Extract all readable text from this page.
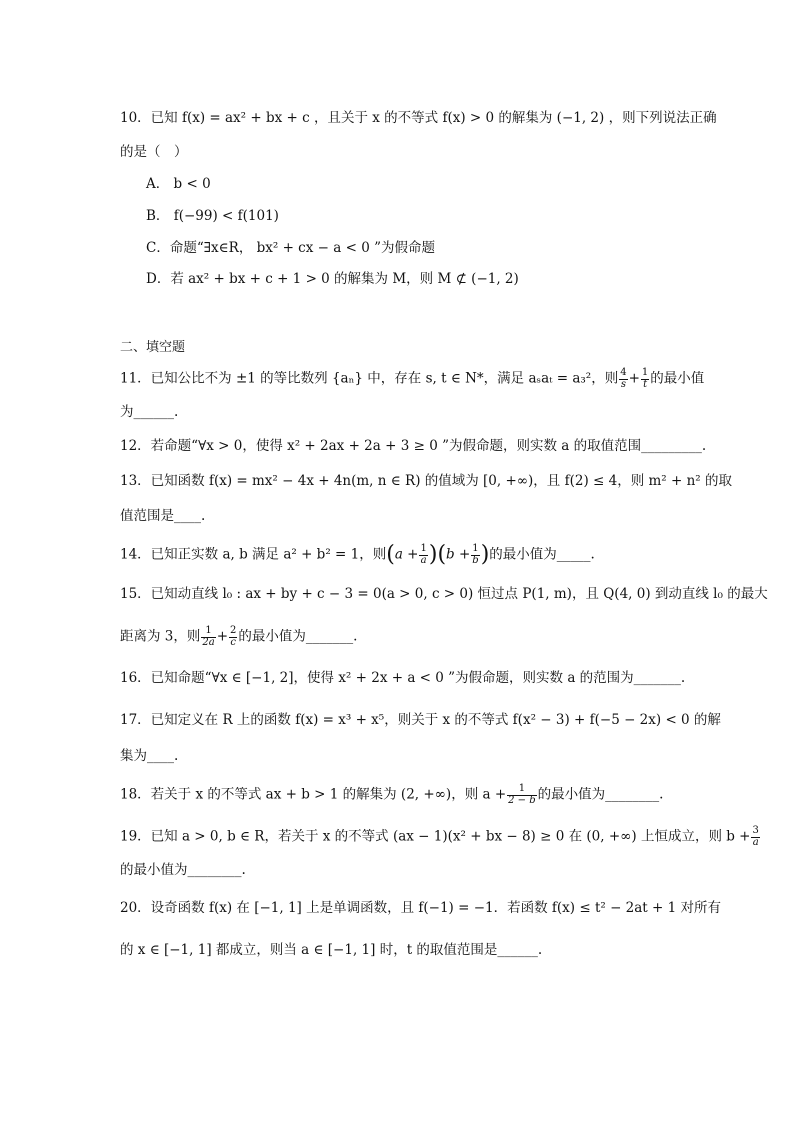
10．已知 f(x) = ax² + bx + c ，且关于 x 的不等式 f(x) > 0 的解集为 (−1, 2) ，则下列说法正确
的是（　）
A． b < 0
B． f(−99) < f(101)
C．命题“∃x∈R， bx² + cx − a < 0 ”为假命题
D．若 ax² + bx + c + 1 > 0 的解集为 M，则 M ⊄ (−1, 2)
二、填空题
11．已知公比不为 ±1 的等比数列 {aₙ} 中，存在 s, t ∈ N*，满足 aₛaₜ = a₃²，则 $\frac{4}{s} + \frac{1}{t}$ 的最小值
为______.
12．若命题“∀x > 0，使得 x² + 2ax + 2a + 3 ≥ 0 ”为假命题，则实数 a 的取值范围_________.
13．已知函数 f(x) = mx² − 4x + 4n(m, n ∈ R) 的值域为 [0, +∞)，且 f(2) ≤ 4，则 m² + n² 的取
值范围是____.
14．已知正实数 a, b 满足 a² + b² = 1，则$(a + \frac{1}{a} )(b + \frac{1}{b}$ )的最小值为_____.
15．已知动直线 l₀ : ax + by + c − 3 = 0(a > 0, c > 0) 恒过点 P(1, m)，且 Q(4, 0) 到动直线 l₀ 的最大
距离为 3，则 $\frac{1}{2a} + \frac{2}{c}$ 的最小值为_______.
16．已知命题“∀x ∈ [−1, 2]，使得 x² + 2x + a < 0 ”为假命题，则实数 a 的范围为_______.
17．已知定义在 R 上的函数 f(x) = x³ + x⁵，则关于 x 的不等式 f(x² − 3) + f(−5 − 2x) < 0 的解
集为____.
18．若关于 x 的不等式 ax + b > 1 的解集为 (2, +∞)，则 $a + \frac{1}{2 - b}$ 的最小值为________.
19．已知 a > 0, b ∈ R，若关于 x 的不等式 (ax − 1)(x² + bx − 8) ≥ 0 在 (0, +∞) 上恒成立，则 $b + \frac{3}{a}$
的最小值为________.
20．设奇函数 f(x) 在 [−1, 1] 上是单调函数，且 f(−1) = −1．若函数 f(x) ≤ t² − 2at + 1 对所有
的 x ∈ [−1, 1] 都成立，则当 a ∈ [−1, 1] 时，t 的取值范围是______.
